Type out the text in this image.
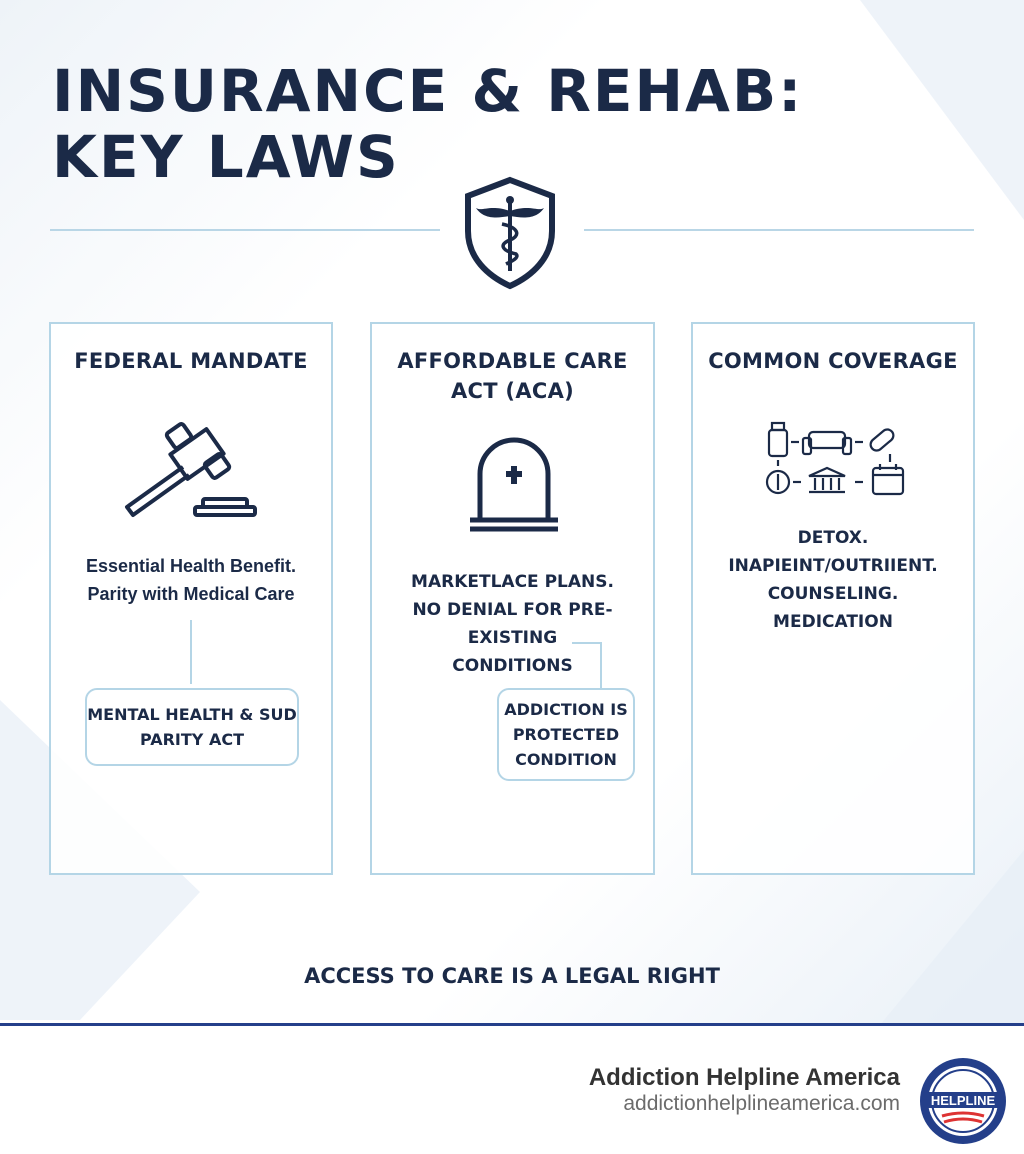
INSURANCE & REHAB:
KEY LAWS
FEDERAL MANDATE
Essential Health Benefit.
Parity with Medical Care
MENTAL HEALTH & SUD
PARITY ACT
AFFORDABLE CARE
ACT (ACA)
MARKETLACE PLANS.
NO DENIAL FOR PRE-EXISTING
CONDITIONS
ADDICTION IS
PROTECTED
CONDITION
COMMON COVERAGE
DETOX.
INAPIEINT/OUTRIIENT.
COUNSELING.
MEDICATION
ACCESS TO CARE IS A LEGAL RIGHT
Addiction Helpline America
addictionhelplineamerica.com HELPLINE
